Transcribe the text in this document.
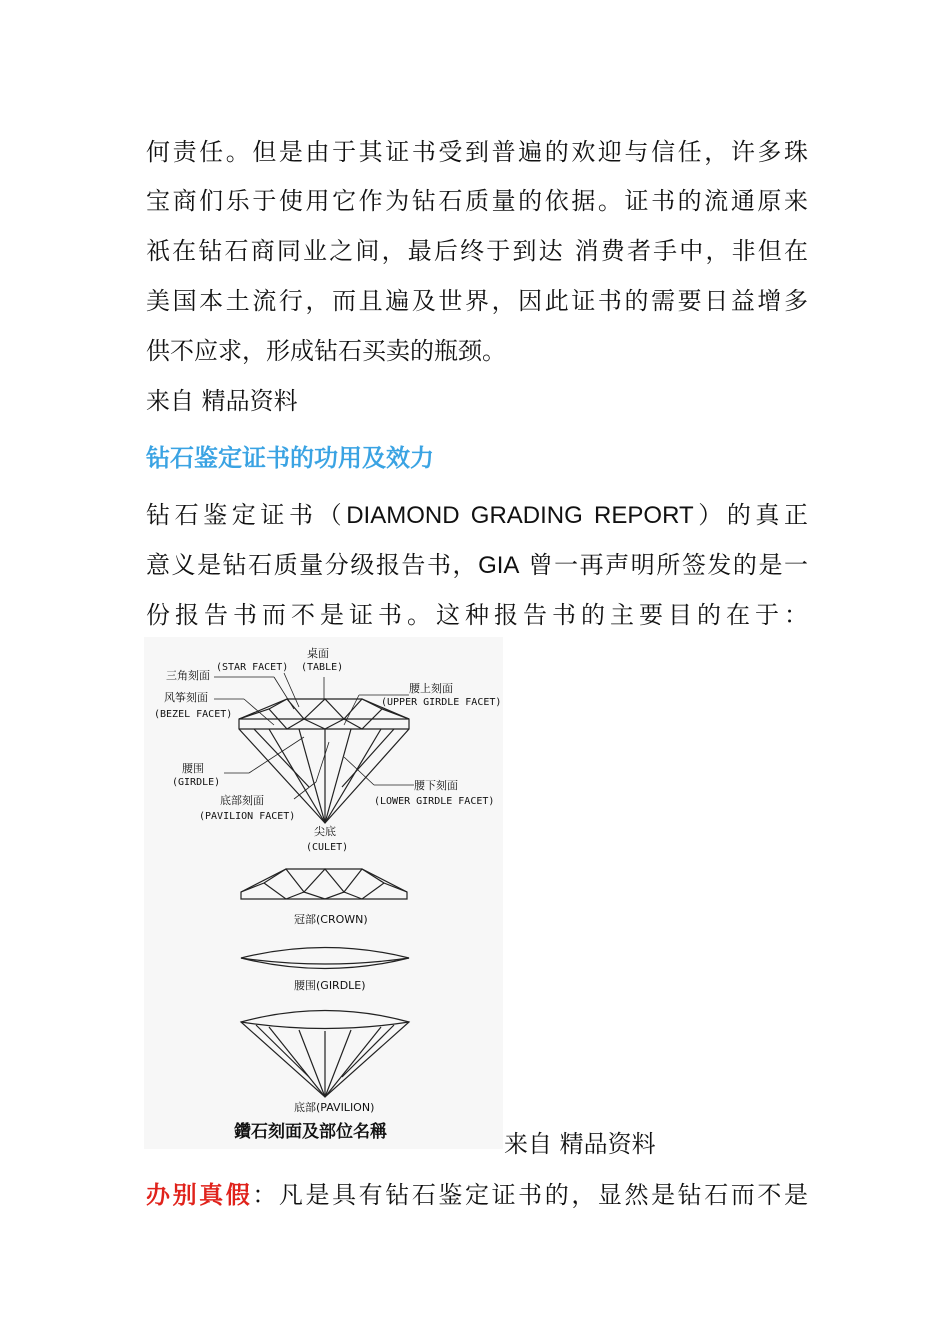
何责任。但是由于其证书受到普遍的欢迎与信任，许多珠
宝商们乐于使用它作为钻石质量的依据。证书的流通原来
祇在钻石商同业之间，最后终于到达 消费者手中，非但在
美国本土流行，而且遍及世界，因此证书的需要日益增多
供不应求，形成钻石买卖的瓶颈。
来自 精品资料
钻石鉴定证书的功用及效力
钻石鉴定证书（DIAMOND GRADING REPORT）的真正
意义是钻石质量分级报告书，GIA 曾一再声明所签发的是一
份报告书而不是证书。这种报告书的主要目的在于：
桌面
(TABLE)
(STAR FACET)
三角刻面
风筝刻面
(BEZEL FACET)
腰上刻面
(UPPER GIRDLE FACET)
腰围
(GIRDLE)
底部刻面
(PAVILION FACET)
腰下刻面
(LOWER GIRDLE FACET)
尖底
(CULET)
冠部(CROWN)
腰围(GIRDLE)
底部(PAVILION)
鑽石刻面及部位名稱	来自 精品资料
办别真假：凡是具有钻石鉴定证书的，显然是钻石而不是
